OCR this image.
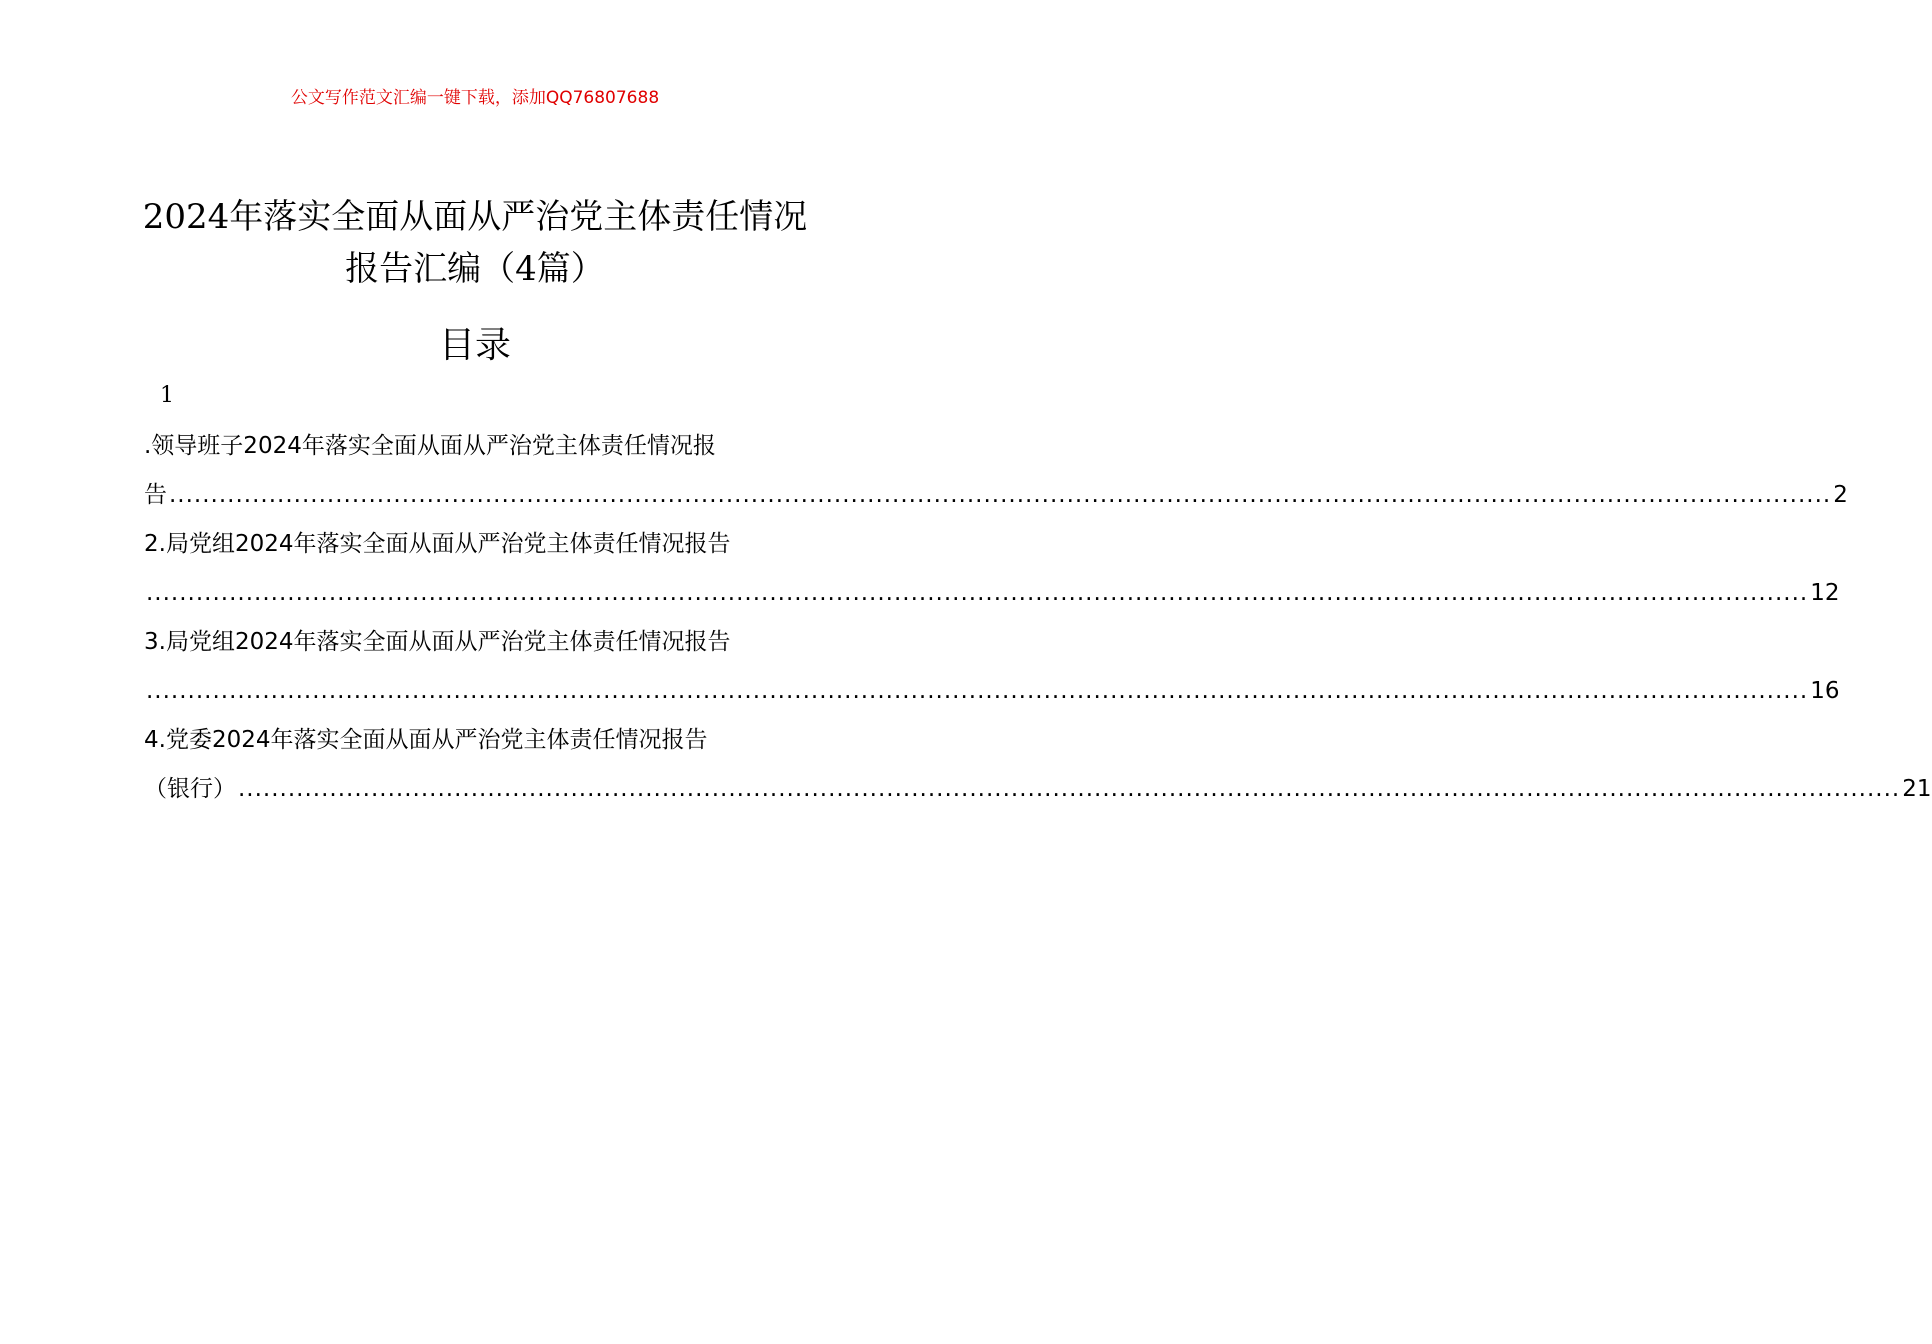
公文写作范文汇编一键下载，添加QQ76807688
2024年落实全面从面从严治党主体责任情况报告汇编（4篇）
目录
1
.领导班子2024年落实全面从面从严治党主体责任情况报
告 ........................................................................................................................................................................................................ 2
2.局党组2024年落实全面从面从严治党主体责任情况报告
........................................................................................................................................................................................................ 12
3.局党组2024年落实全面从面从严治党主体责任情况报告
........................................................................................................................................................................................................ 16
4.党委2024年落实全面从面从严治党主体责任情况报告
（银行） ........................................................................................................................................................................................................ 21
